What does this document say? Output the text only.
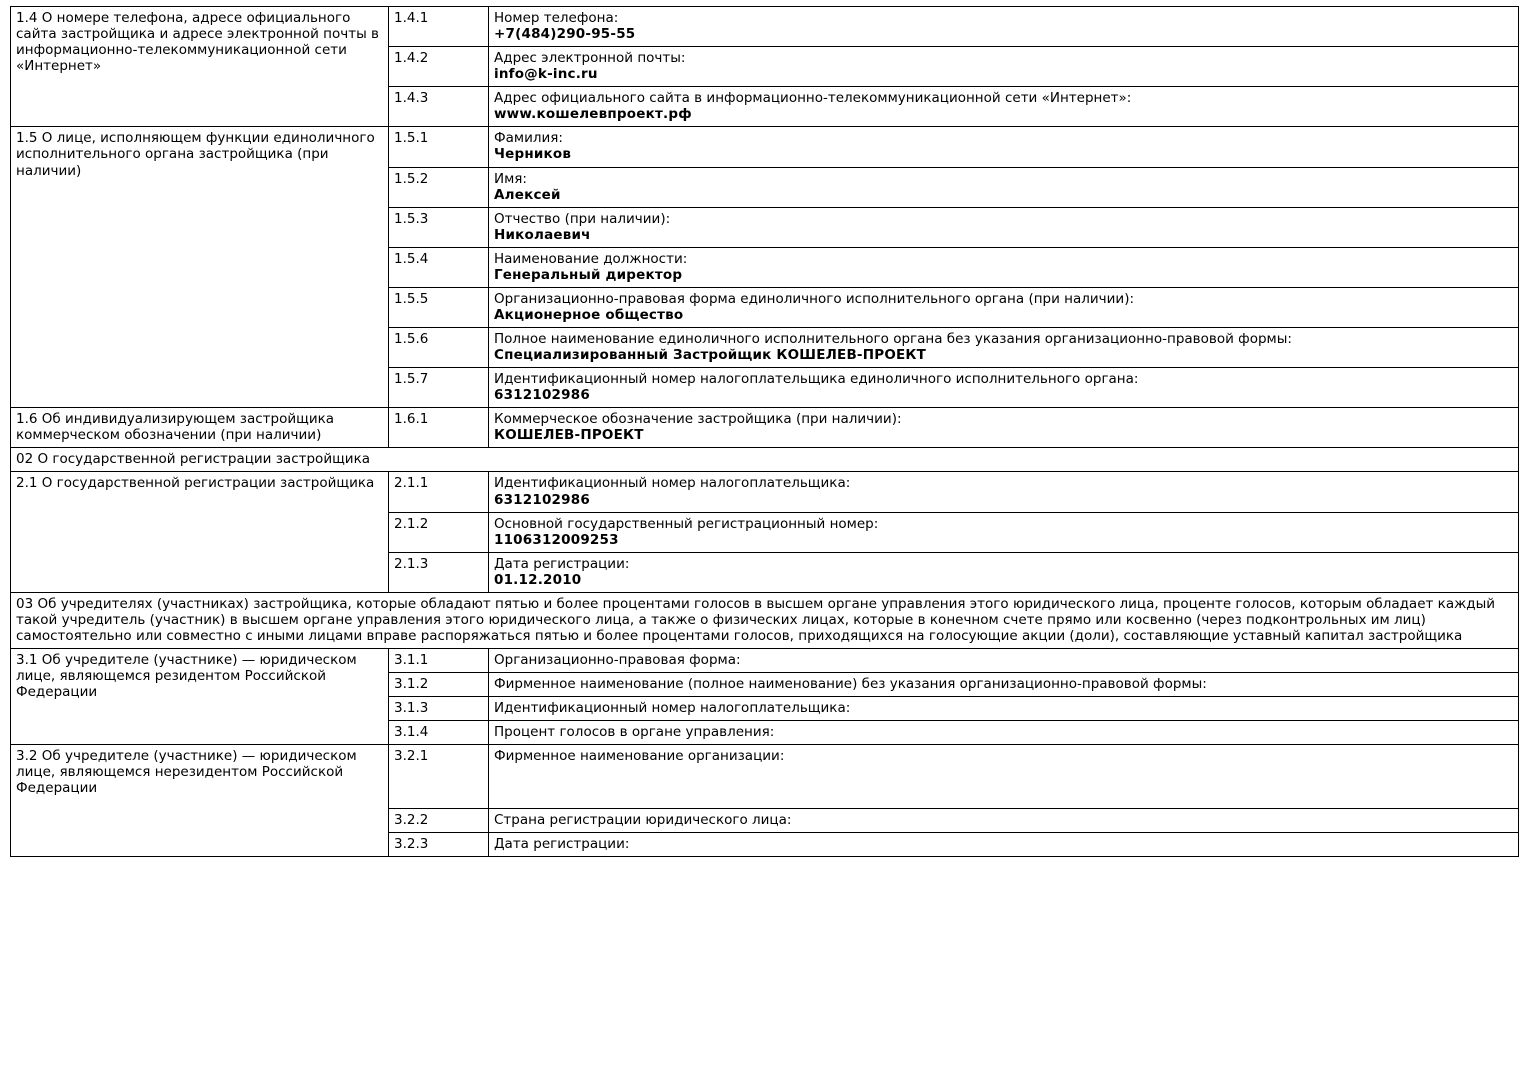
1.4 О номере телефона, адресе официального сайта застройщика и адресе электронной почты в информационно-телекоммуникационной сети «Интернет»	1.4.1	Номер телефона:
+7(484)290-95-55

	1.4.2	Адрес электронной почты:
info@k-inc.ru

	1.4.3	Адрес официального сайта в информационно-телекоммуникационной сети «Интернет»:
www.кошелевпроект.рф

1.5 О лице, исполняющем функции единоличного исполнительного органа застройщика (при наличии)	1.5.1	Фамилия:
Черников

	1.5.2	Имя:
Алексей

	1.5.3	Отчество (при наличии):
Николаевич

	1.5.4	Наименование должности:
Генеральный директор

	1.5.5	Организационно-правовая форма единоличного исполнительного органа (при наличии):
Акционерное общество

	1.5.6	Полное наименование единоличного исполнительного органа без указания организационно-правовой формы:
Специализированный Застройщик КОШЕЛЕВ-ПРОЕКТ

	1.5.7	Идентификационный номер налогоплательщика единоличного исполнительного органа:
6312102986

1.6 Об индивидуализирующем застройщика коммерческом обозначении (при наличии)	1.6.1	Коммерческое обозначение застройщика (при наличии):
КОШЕЛЕВ-ПРОЕКТ

02 О государственной регистрации застройщика		
2.1 О государственной регистрации застройщика	2.1.1	Идентификационный номер налогоплательщика:
6312102986

	2.1.2	Основной государственный регистрационный номер:
1106312009253

	2.1.3	Дата регистрации:
01.12.2010

03 Об учредителях (участниках) застройщика, которые обладают пятью и более процентами голосов в высшем органе управления этого юридического лица, проценте голосов, которым обладает каждый такой учредитель (участник) в высшем органе управления этого юридического лица, а также о физических лицах, которые в конечном счете прямо или косвенно (через подконтрольных им лиц) самостоятельно или совместно с иными лицами вправе распоряжаться пятью и более процентами голосов, приходящихся на голосующие акции (доли), составляющие уставный капитал застройщика		
3.1 Об учредителе (участнике) — юридическом лице, являющемся резидентом Российской Федерации	3.1.1	Организационно-правовая форма:

	3.1.2	Фирменное наименование (полное наименование) без указания организационно-правовой формы:

	3.1.3	Идентификационный номер налогоплательщика:

	3.1.4	Процент голосов в органе управления:

3.2 Об учредителе (участнике) — юридическом лице, являющемся нерезидентом Российской Федерации	3.2.1	Фирменное наименование организации:

	3.2.2	Страна регистрации юридического лица:

	3.2.3	Дата регистрации:
